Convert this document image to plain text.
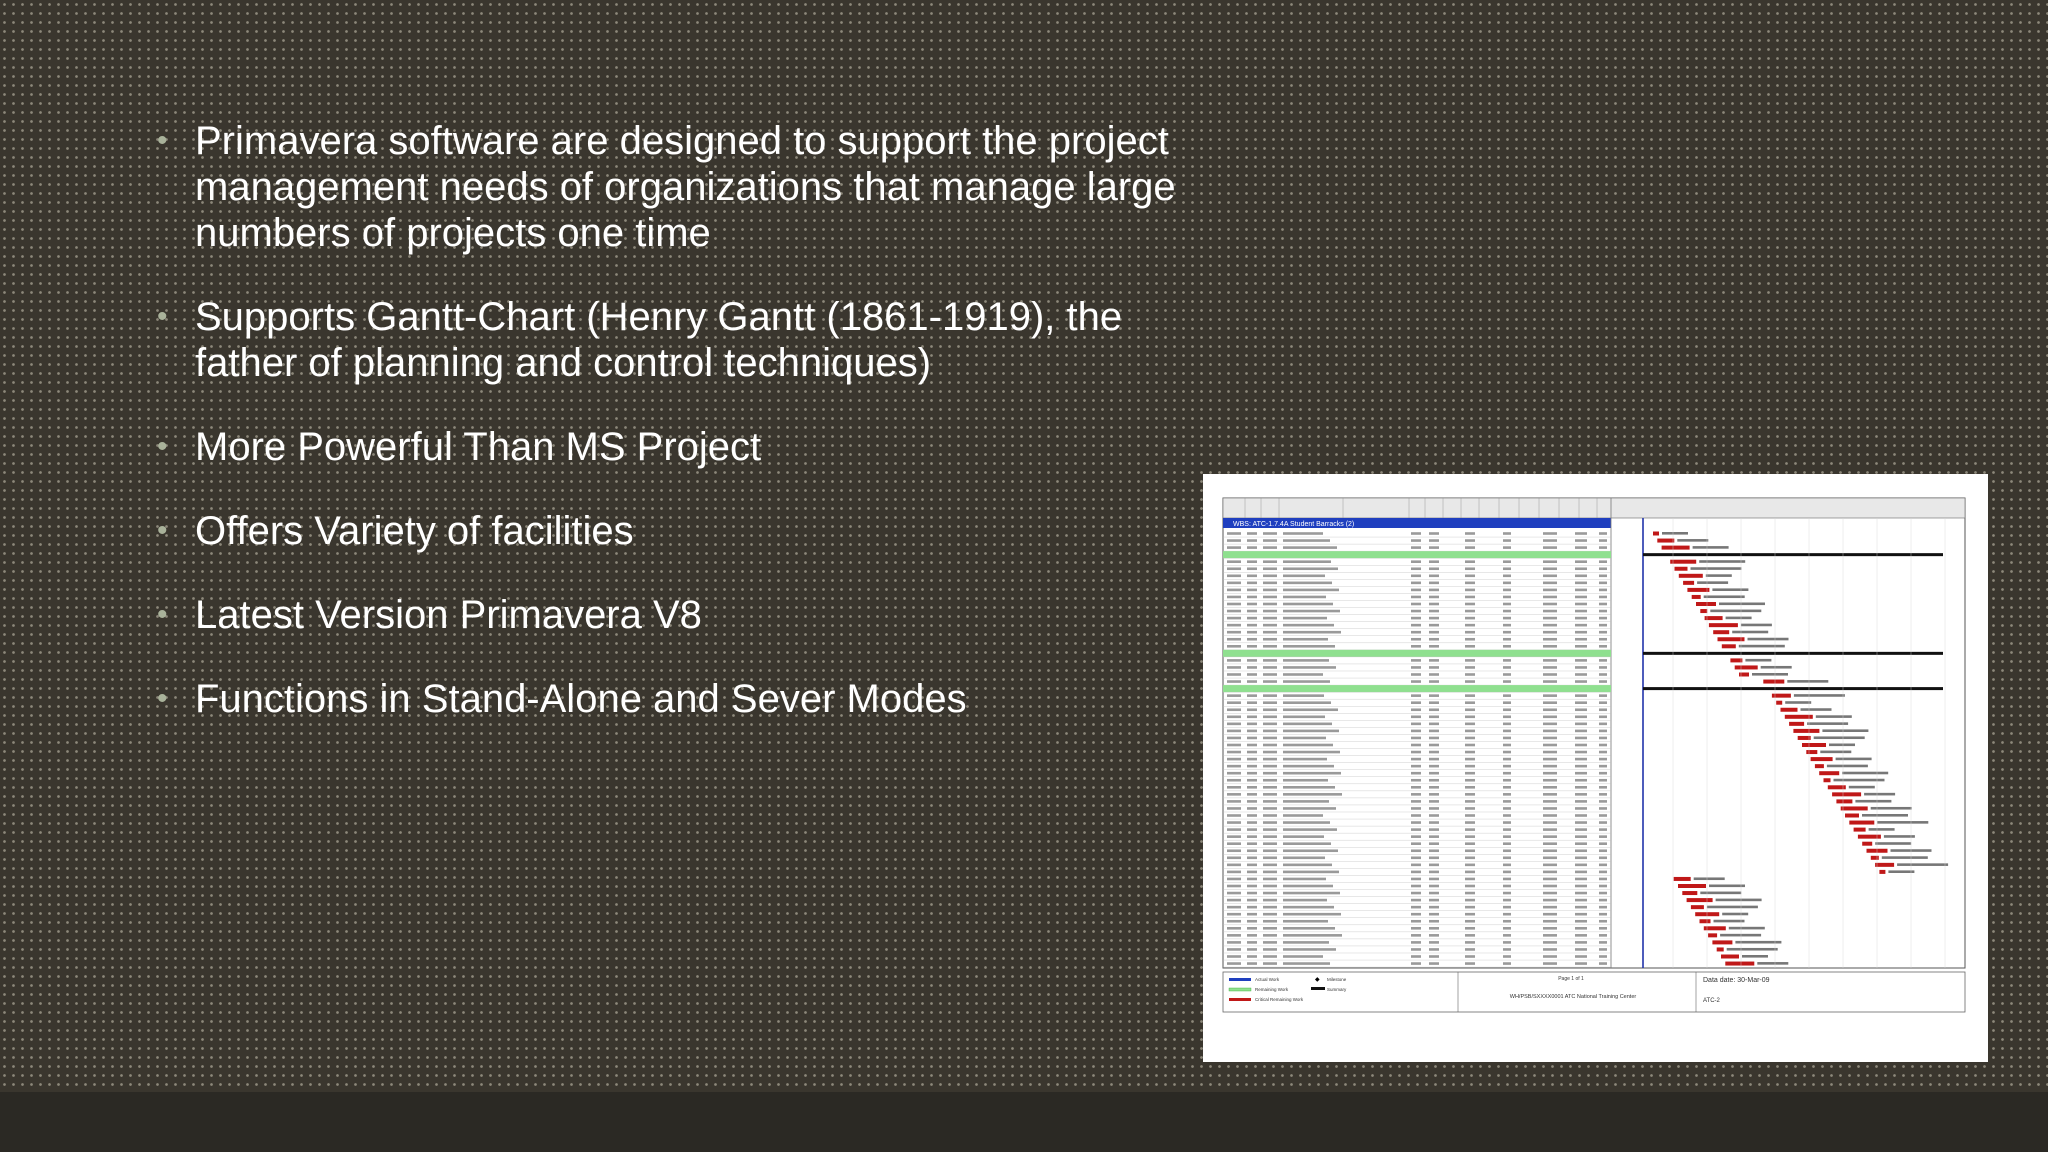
• Primavera software are designed to support the project management needs of organizations that manage large numbers of projects one time
• Supports Gantt-Chart (Henry Gantt (1861-1919), the father of planning and control techniques)
• More Powerful Than MS Project
• Offers Variety of facilities
• Latest Version Primavera V8
• Functions in Stand-Alone and Sever Modes
WBS: ATC-1.7.4A Student Barracks (2)
Actual Work
Remaining Work
Critical Remaining Work
◆ Milestone
Summary
Page 1 of 1
WH/PSB/SXXXX0001 ATC National Training Center
Data date: 30-Mar-09
ATC-2
